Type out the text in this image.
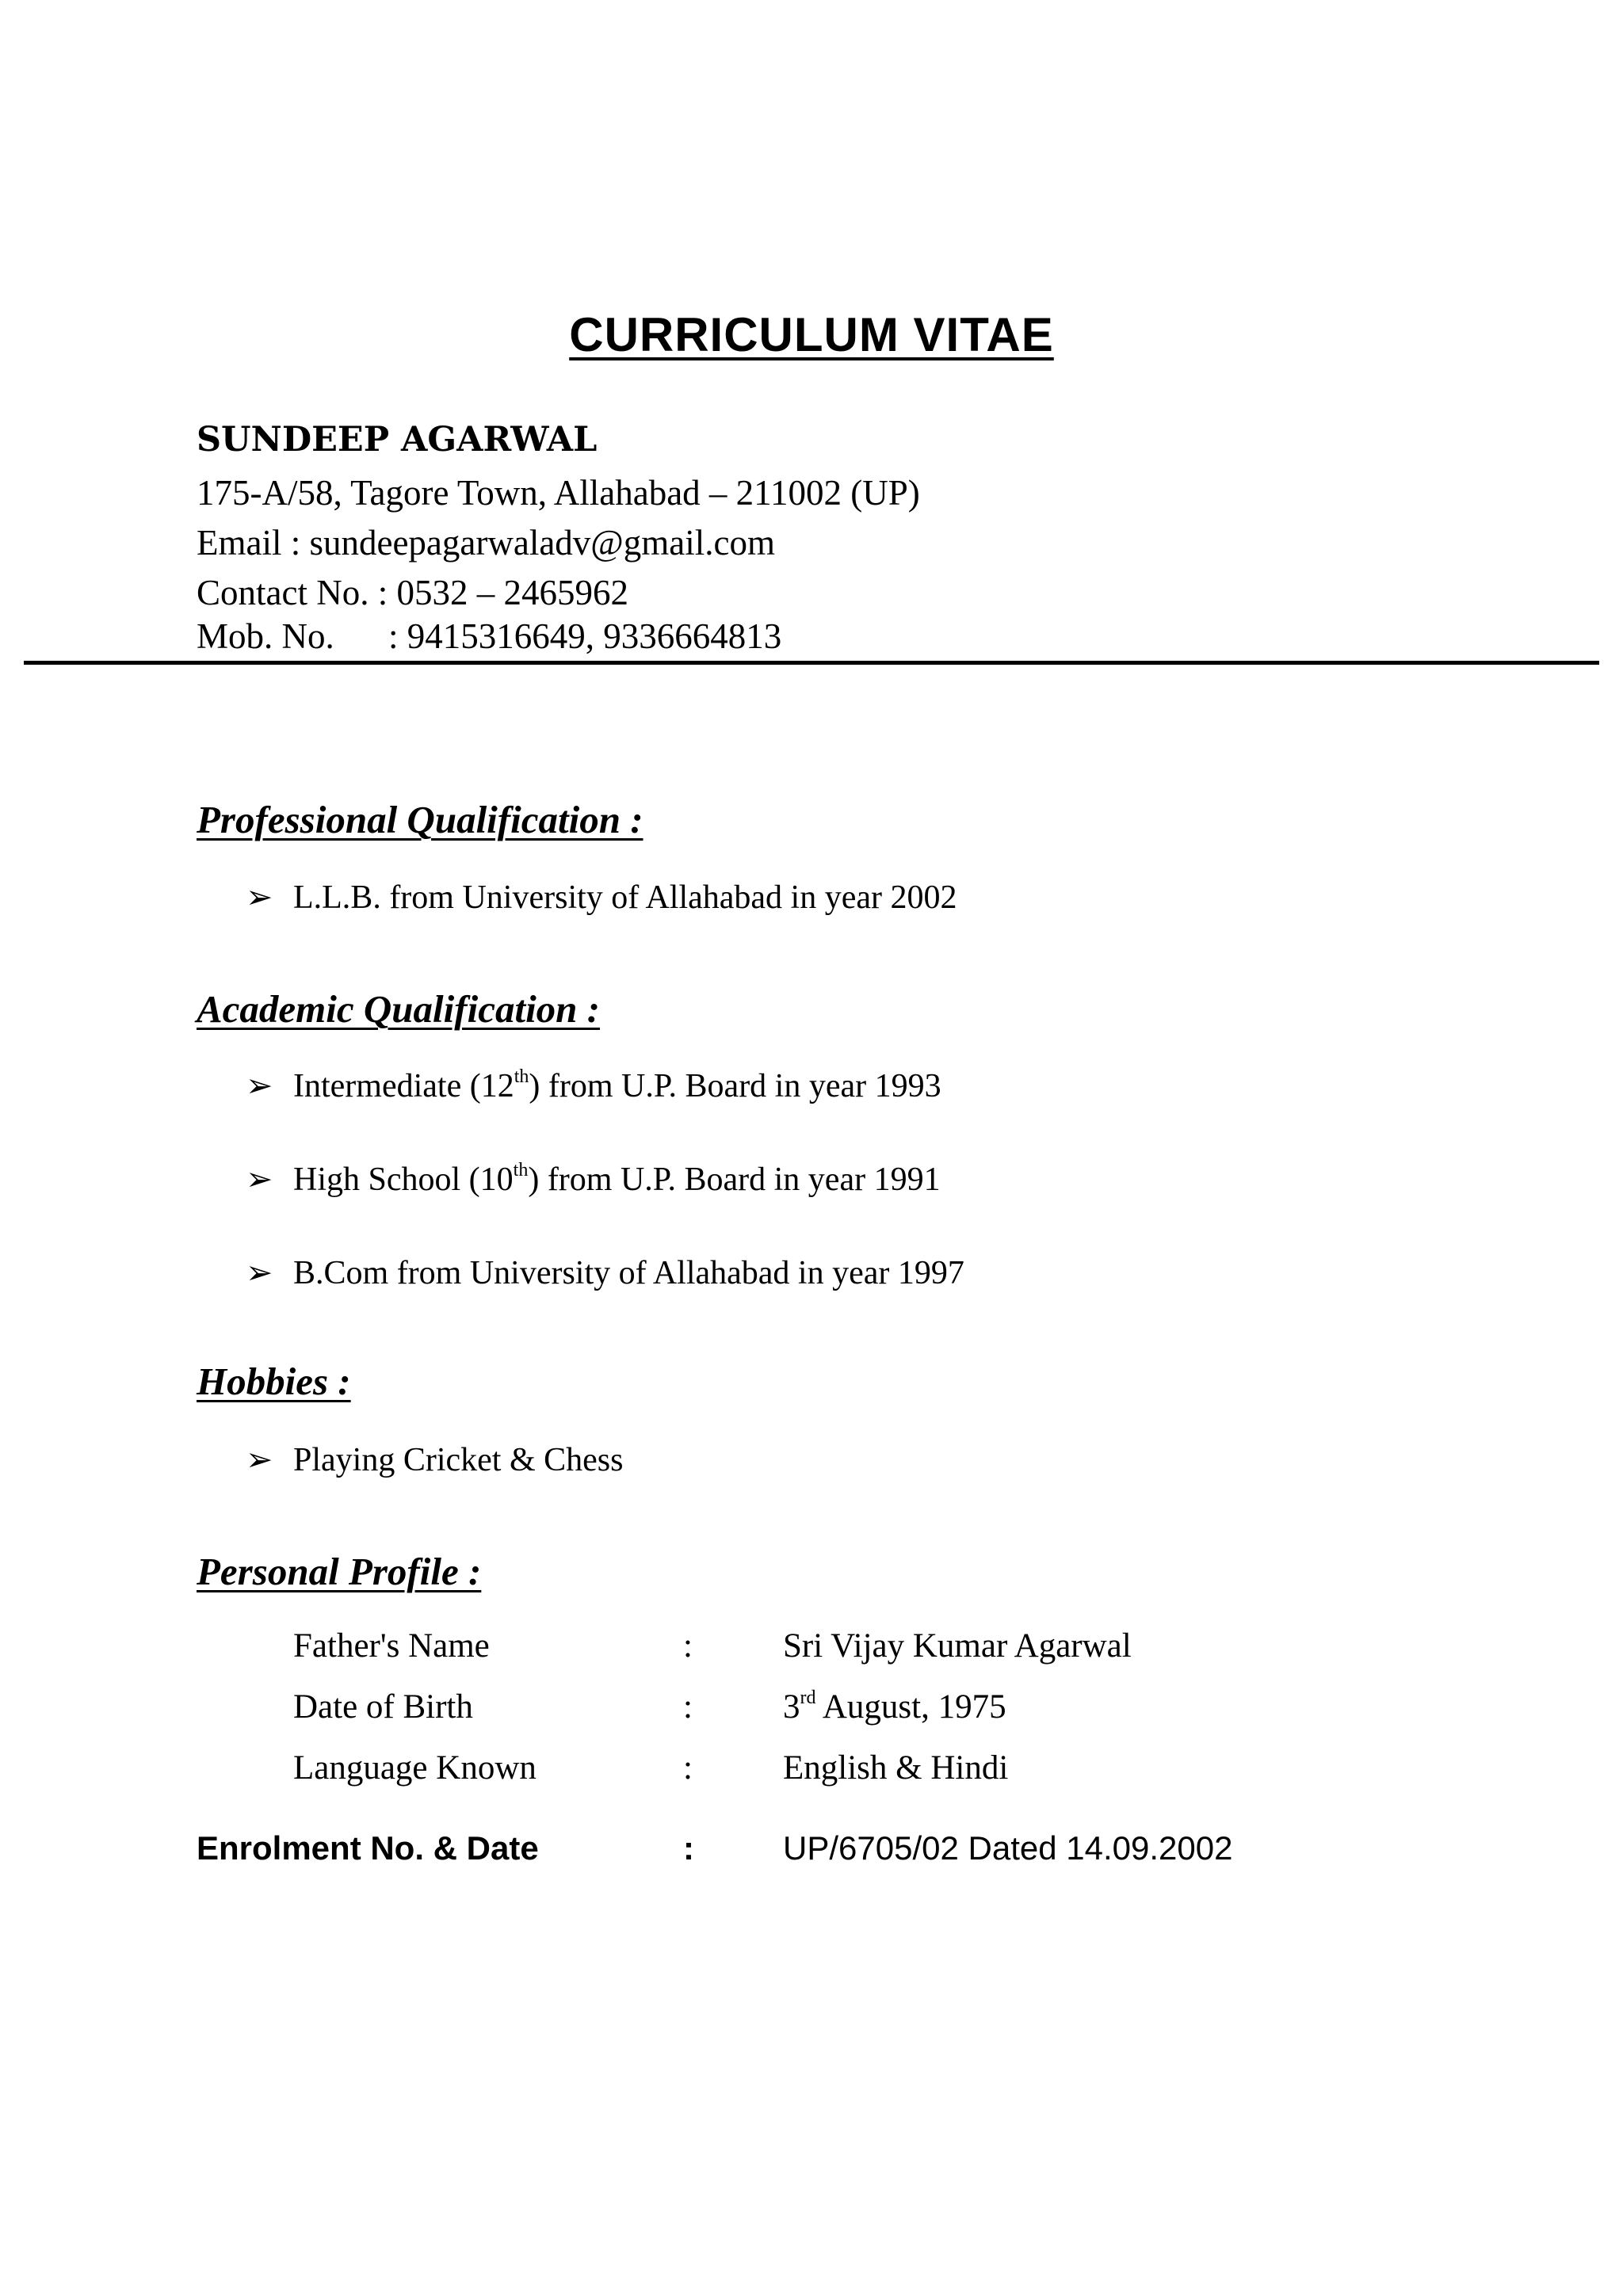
CURRICULUM VITAE
SUNDEEP AGARWAL
175-A/58, Tagore Town, Allahabad – 211002 (UP)
Email : sundeepagarwaladv@gmail.com
Contact No. : 0532 – 2465962
Mob. No. : 9415316649, 9336664813
Professional Qualification :
➢ L.L.B. from University of Allahabad in year 2002
Academic Qualification :
➢ Intermediate (12th) from U.P. Board in year 1993
➢ High School (10th) from U.P. Board in year 1991
➢ B.Com from University of Allahabad in year 1997
Hobbies :
➢ Playing Cricket & Chess
Personal Profile :
Father's Name	:	Sri Vijay Kumar Agarwal
Date of Birth	:	3rd August, 1975
Language Known	:	English & Hindi
Enrolment No. & Date	:	UP/6705/02 Dated 14.09.2002
